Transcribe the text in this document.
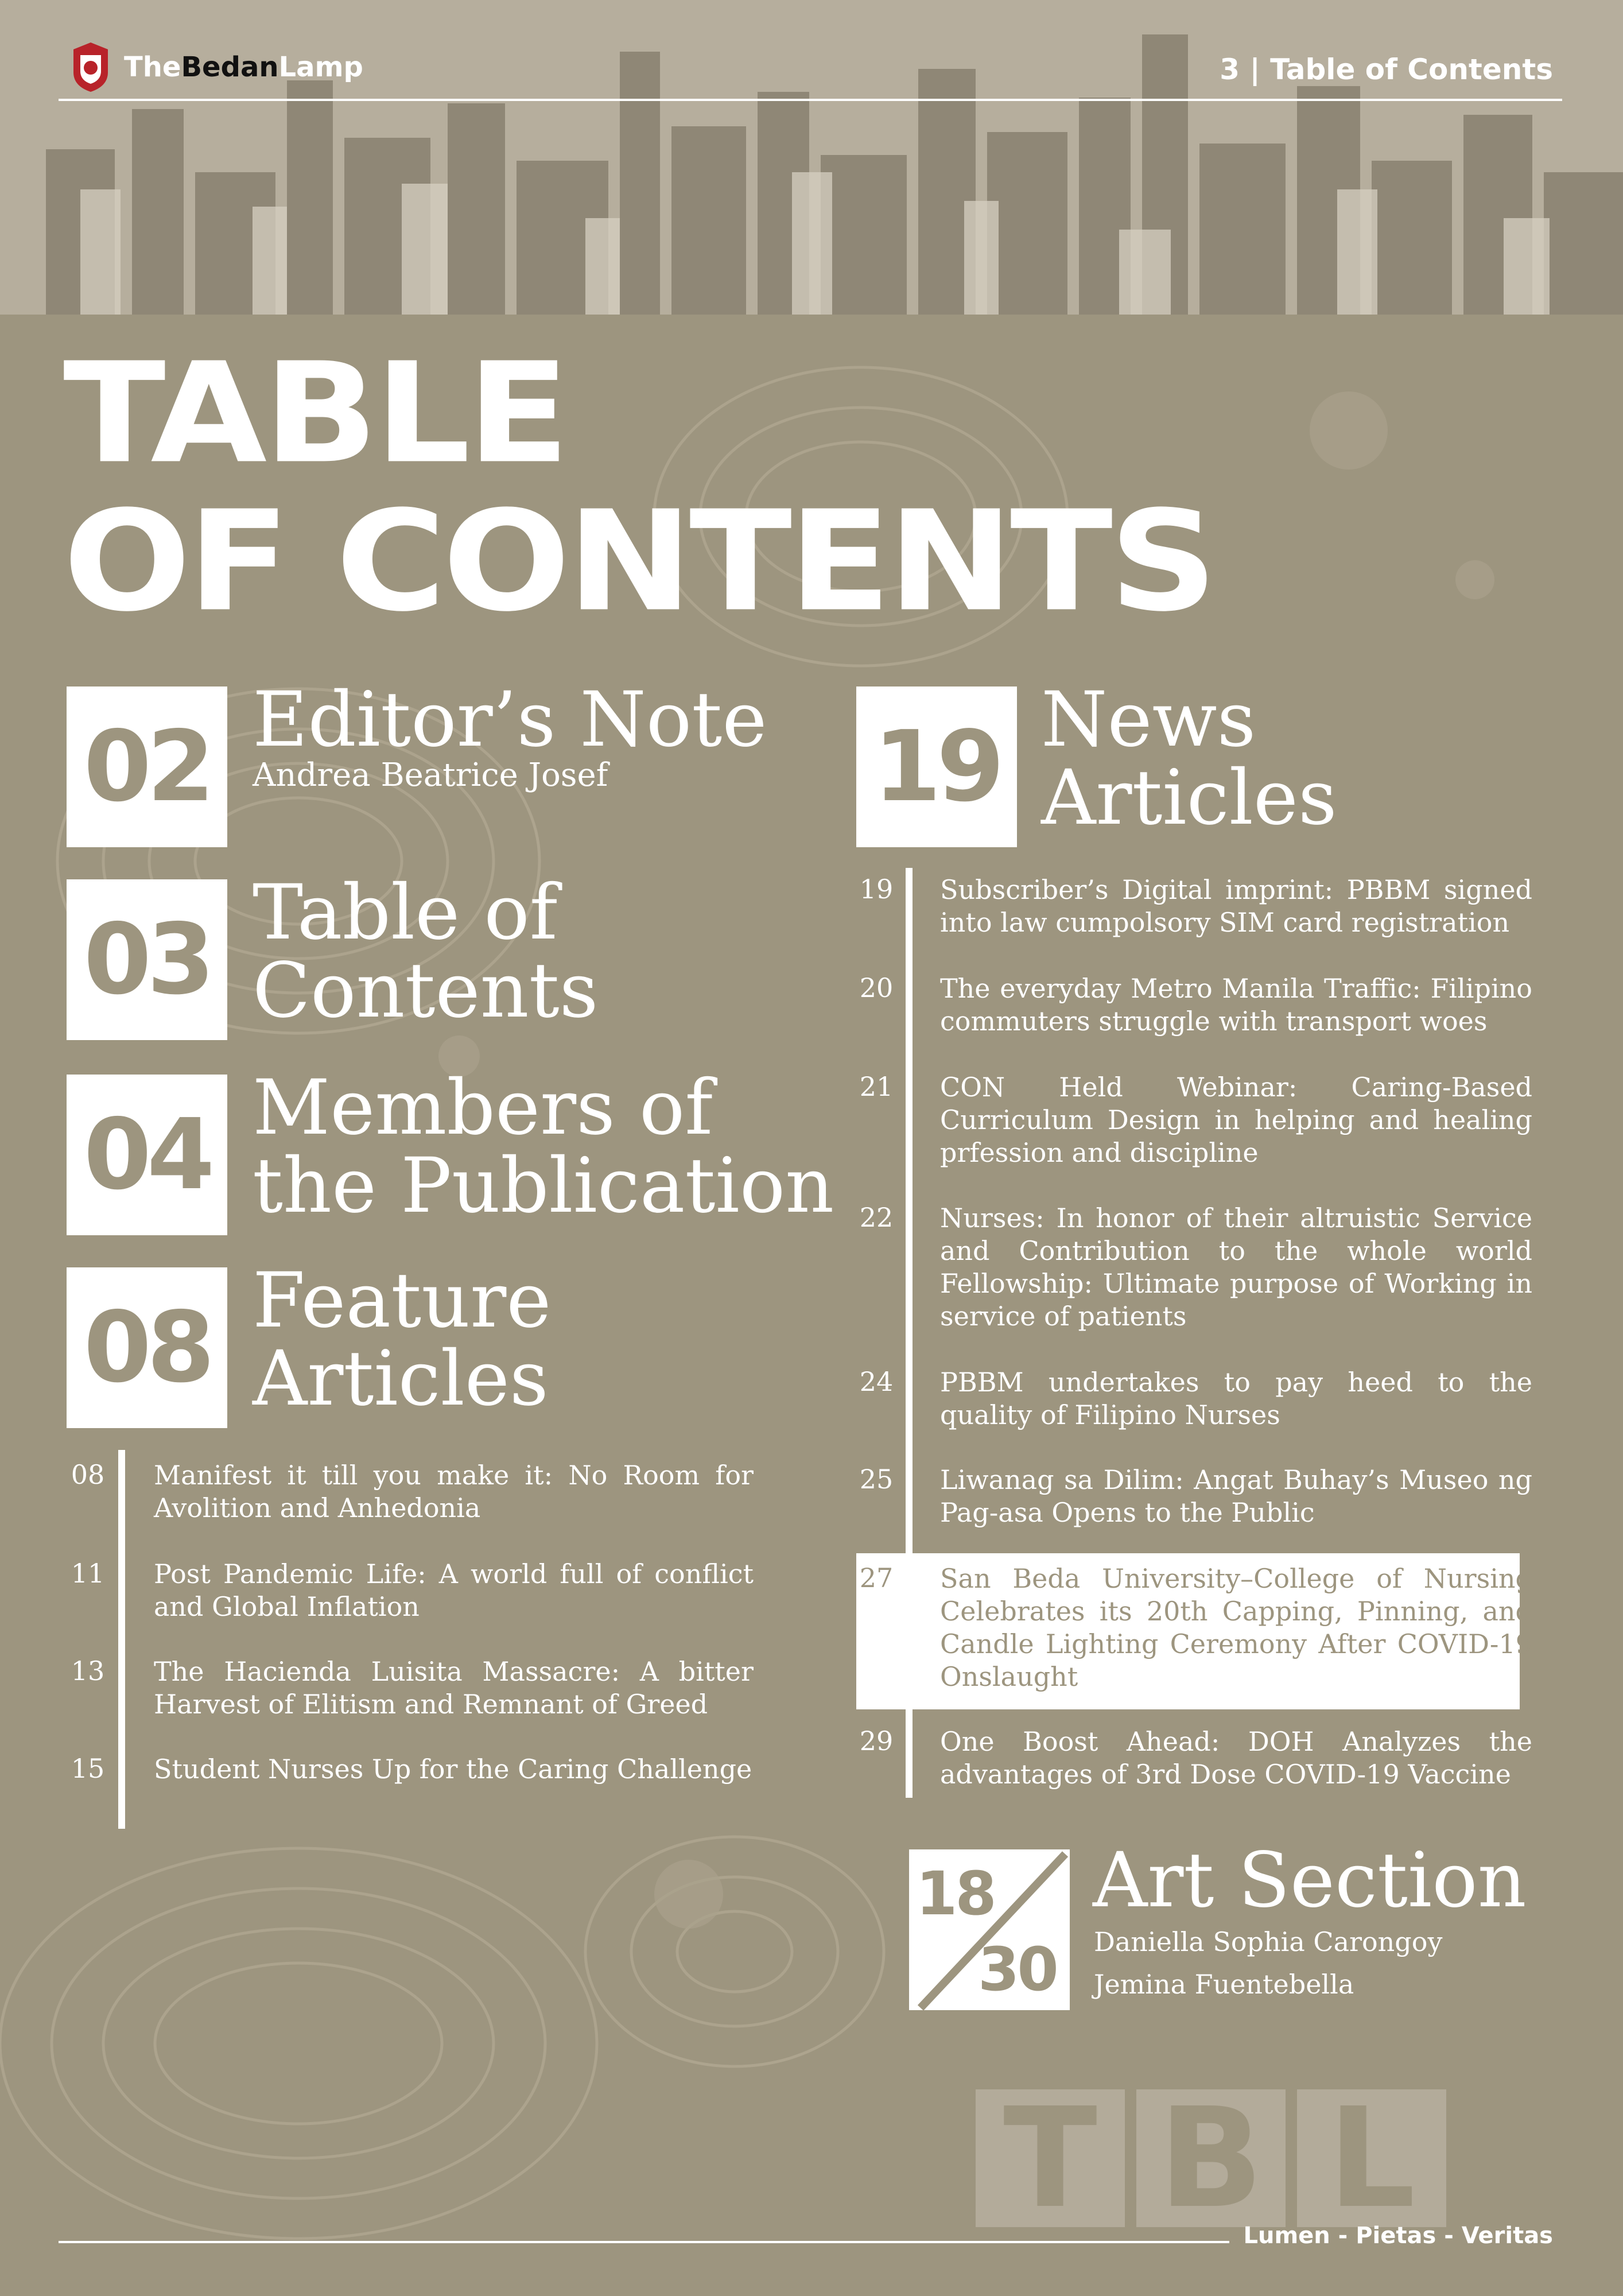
TheBedanLamp	3 | Table of Contents
TABLE
OF CONTENTS
02 Editor’s Note
Andrea Beatrice Josef
03 Table of
Contents
04 Members of
the Publication
08 Feature
Articles
08 Manifest it till you make it: No Room for Avolition and Anhedonia
11 Post Pandemic Life: A world full of conflict and Global Inflation
13 The Hacienda Luisita Massacre: A bitter Harvest of Elitism and Remnant of Greed
15 Student Nurses Up for the Caring Challenge
19 News
Articles
19 Subscriber’s Digital imprint: PBBM signed into law cumpolsory SIM card registration
20 The everyday Metro Manila Traffic: Filipino commuters struggle with transport woes
21 CON Held Webinar: Caring-Based Curriculum Design in helping and healing prfession and discipline
22 Nurses: In honor of their altruistic Service and Contribution to the whole world Fellowship: Ultimate purpose of Working in service of patients
24 PBBM undertakes to pay heed to the quality of Filipino Nurses
25 Liwanag sa Dilim: Angat Buhay’s Museo ng Pag-asa Opens to the Public
27 San Beda University–College of Nursing Celebrates its 20th Capping, Pinning, and Candle Lighting Ceremony After COVID-19 Onslaught
29 One Boost Ahead: DOH Analyzes the advantages of 3rd Dose COVID-19 Vaccine
18
30
Art Section
Daniella Sophia Carongoy
Jemina Fuentebella
T B L
Lumen - Pietas - Veritas
